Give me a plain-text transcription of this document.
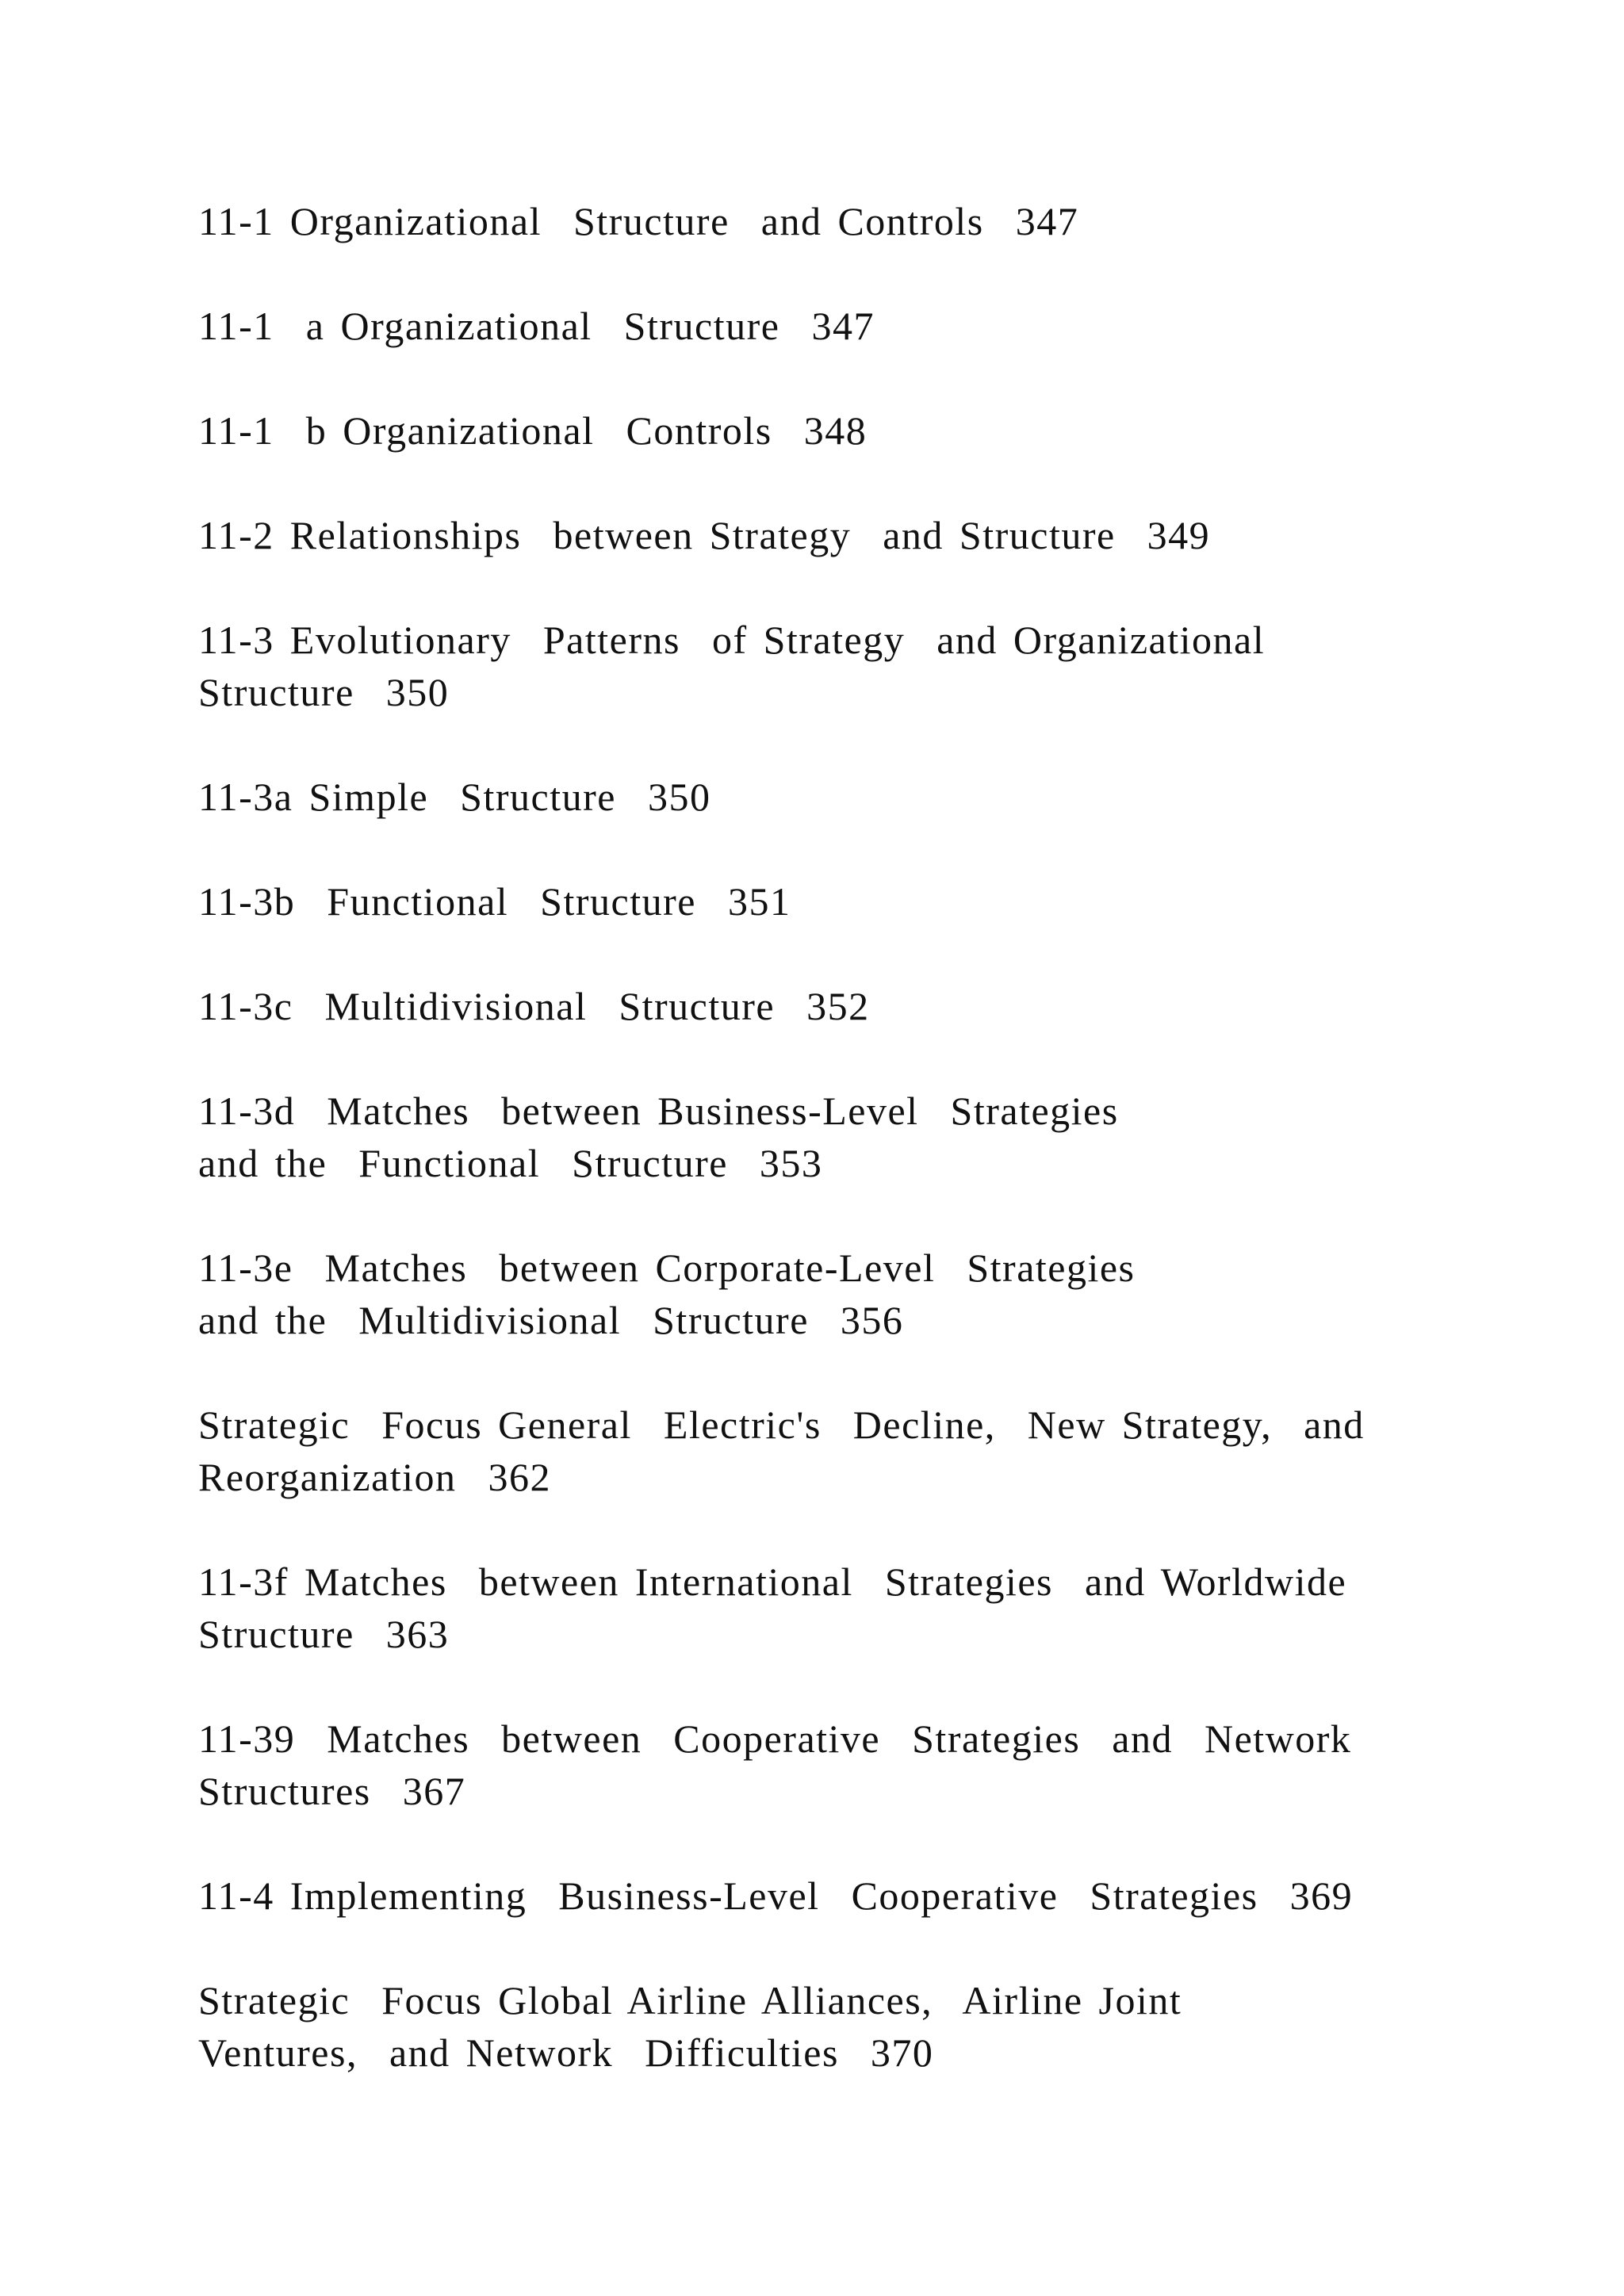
11-1 Organizational  Structure  and Controls  347
11-1  a Organizational  Structure  347
11-1  b Organizational  Controls  348
11-2 Relationships  between Strategy  and Structure  349
11-3 Evolutionary  Patterns  of Strategy  and Organizational
Structure  350
11-3a Simple  Structure  350
11-3b  Functional  Structure  351
11-3c  Multidivisional  Structure  352
11-3d  Matches  between Business-Level  Strategies
and the  Functional  Structure  353
11-3e  Matches  between Corporate-Level  Strategies
and the  Multidivisional  Structure  356
Strategic  Focus General  Electric's  Decline,  New Strategy,  and
Reorganization  362
11-3f Matches  between International  Strategies  and Worldwide
Structure  363
11-39  Matches  between  Cooperative  Strategies  and  Network
Structures  367
11-4 Implementing  Business-Level  Cooperative  Strategies  369
Strategic  Focus Global Airline Alliances,  Airline Joint
Ventures,  and Network  Difficulties  370
